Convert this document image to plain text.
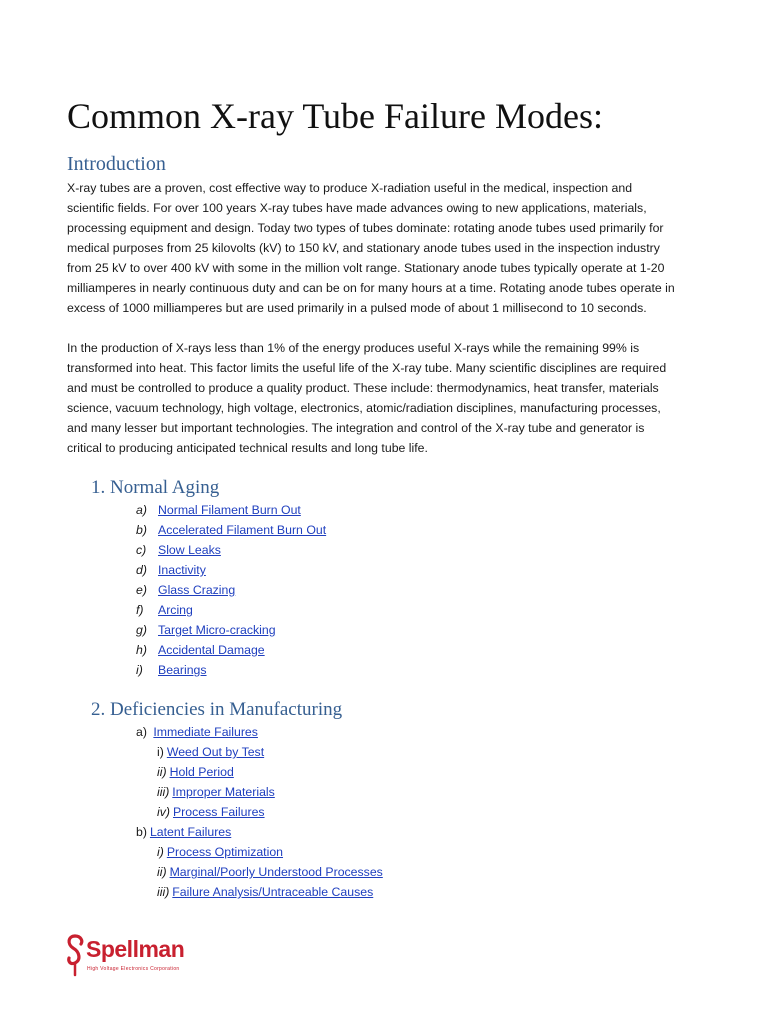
Common X-ray Tube Failure Modes:
Introduction

X-ray tubes are a proven, cost effective way to produce X-radiation useful in the medical, inspection and
scientific fields. For over 100 years X-ray tubes have made advances owing to new applications, materials,
processing equipment and design. Today two types of tubes dominate: rotating anode tubes used primarily for
medical purposes from 25 kilovolts (kV) to 150 kV, and stationary anode tubes used in the inspection industry
from 25 kV to over 400 kV with some in the million volt range. Stationary anode tubes typically operate at 1-20
milliamperes in nearly continuous duty and can be on for many hours at a time. Rotating anode tubes operate in
excess of 1000 milliamperes but are used primarily in a pulsed mode of about 1 millisecond to 10 seconds.

In the production of X-rays less than 1% of the energy produces useful X-rays while the remaining 99% is
transformed into heat. This factor limits the useful life of the X-ray tube. Many scientific disciplines are required
and must be controlled to produce a quality product. These include: thermodynamics, heat transfer, materials
science, vacuum technology, high voltage, electronics, atomic/radiation disciplines, manufacturing processes,
and many lesser but important technologies. The integration and control of the X-ray tube and generator is
critical to producing anticipated technical results and long tube life.

1. Normal Aging
a) Normal Filament Burn Out
b) Accelerated Filament Burn Out
c) Slow Leaks
d) Inactivity
e) Glass Crazing
f)	Arcing
g) Target Micro-cracking
h) Accidental Damage
i)	Bearings
2. Deficiencies in Manufacturing
a)
Immediate Failures
i) Weed Out by Test
ii) Hold Period
iii) Improper Materials
iv) Process Failures
b) Latent Failures
i) Process Optimization
ii) Marginal/Poorly Understood Processes
iii) Failure Analysis/Untraceable Causes
Spellman
High Voltage Electronics Corporation
